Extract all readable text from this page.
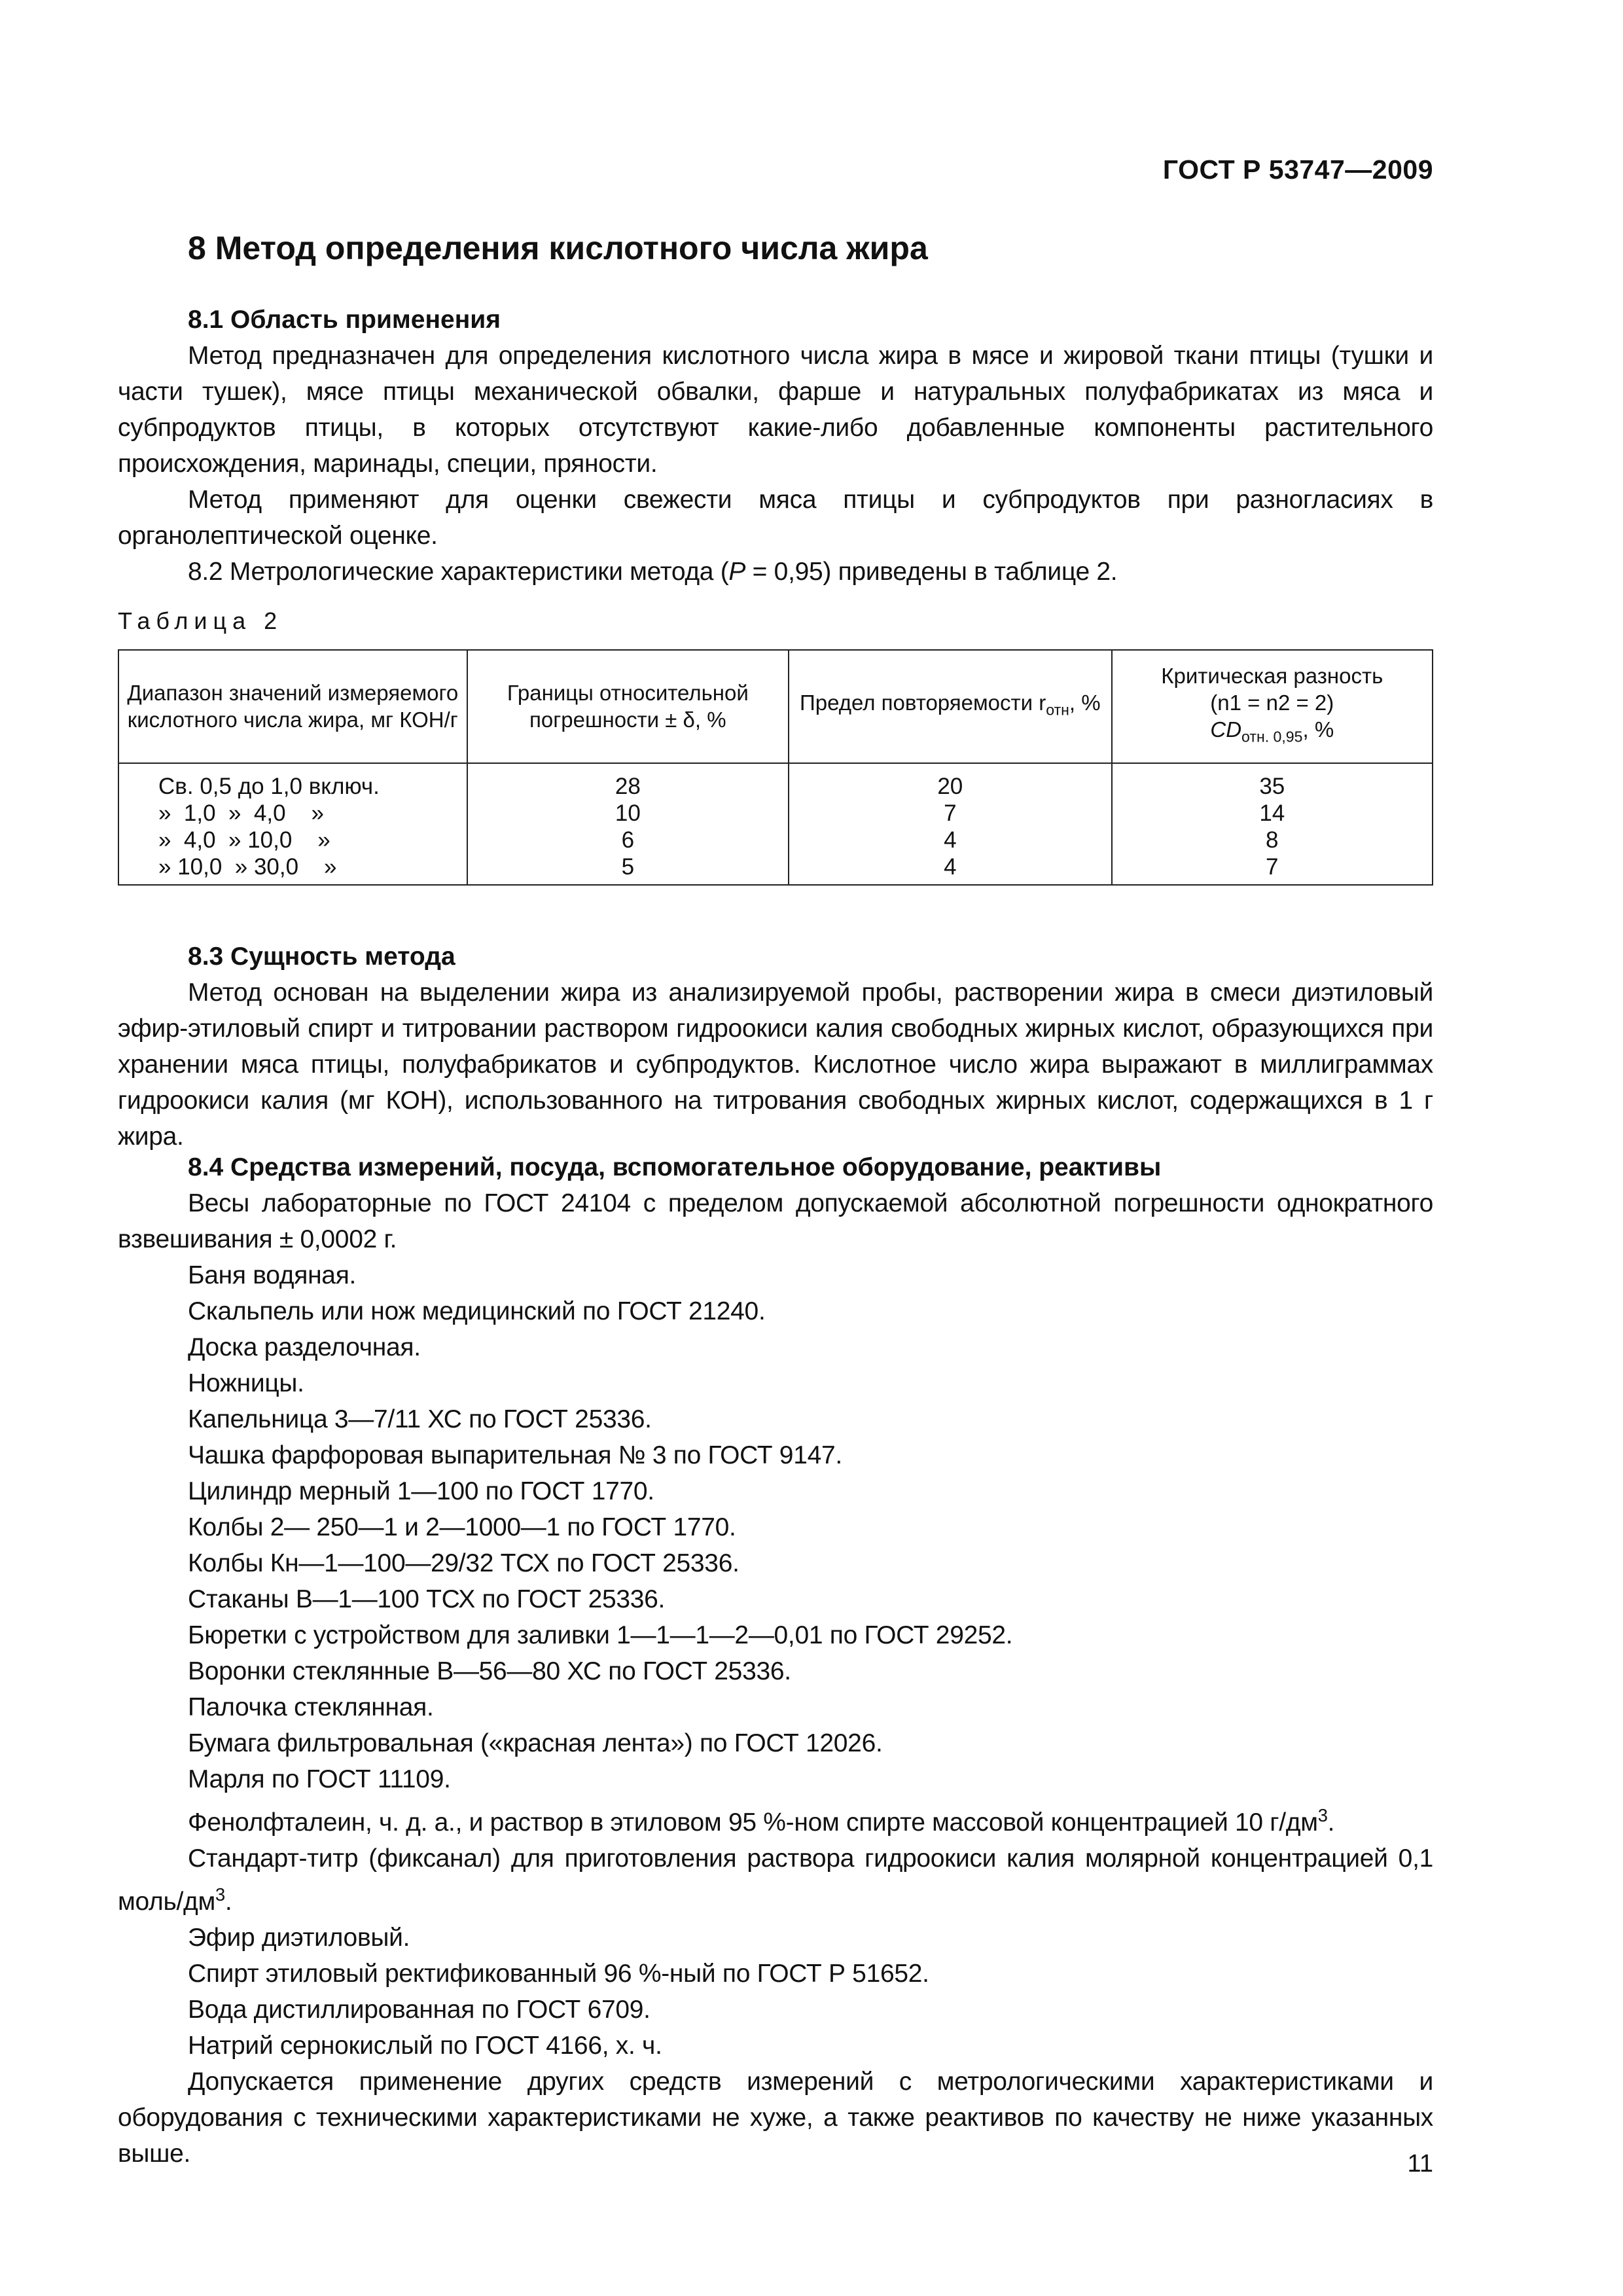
ГОСТ Р 53747—2009
8 Метод определения кислотного числа жира

8.1 Область применения

Метод предназначен для определения кислотного числа жира в мясе и жировой ткани птицы (тушки и части тушек), мясе птицы механической обвалки, фарше и натуральных полуфабрикатах из мяса и субпродуктов птицы, в которых отсутствуют какие-либо добавленные компоненты растительного происхождения, маринады, специи, пряности.

Метод применяют для оценки свежести мяса птицы и субпродуктов при разногласиях в органолептической оценке.

8.2 Метрологические характеристики метода (P = 0,95) приведены в таблице 2.

Таблица 2

Диапазон значений измеряемого кислотного числа жира, мг КОН/г	Границы относительной погрешности ± δ, %	Предел повторяемости $r_{отн}$, %	Критическая разность
(n1 = n2 = 2)
$CD_{отн. 0,95}$, %
Св. 0,5 до 1,0 включ.	28	20	35
»  1,0  »  4,0    »	10	7	14
»  4,0  » 10,0    »	6	4	8
» 10,0  » 30,0    »	5	4	7

8.3 Сущность метода

Метод основан на выделении жира из анализируемой пробы, растворении жира в смеси диэтиловый эфир-этиловый спирт и титровании раствором гидроокиси калия свободных жирных кислот, образующихся при хранении мяса птицы, полуфабрикатов и субпродуктов. Кислотное число жира выражают в миллиграммах гидроокиси калия (мг КОН), использованного на титрования свободных жирных кислот, содержащихся в 1 г жира.

8.4 Средства измерений, посуда, вспомогательное оборудование, реактивы

Весы лабораторные по ГОСТ 24104 с пределом допускаемой абсолютной погрешности однократного взвешивания ± 0,0002 г.

Баня водяная.

Скальпель или нож медицинский по ГОСТ 21240.

Доска разделочная.

Ножницы.

Капельница 3—7/11 ХС по ГОСТ 25336.

Чашка фарфоровая выпарительная № 3 по ГОСТ 9147.

Цилиндр мерный 1—100 по ГОСТ 1770.

Колбы 2— 250—1 и 2—1000—1 по ГОСТ 1770.

Колбы Кн—1—100—29/32 ТСХ по ГОСТ 25336.

Стаканы В—1—100 ТСХ по ГОСТ 25336.

Бюретки с устройством для заливки 1—1—1—2—0,01 по ГОСТ 29252.

Воронки стеклянные В—56—80 ХС по ГОСТ 25336.

Палочка стеклянная.

Бумага фильтровальная («красная лента») по ГОСТ 12026.

Марля по ГОСТ 11109.

Фенолфталеин, ч. д. а., и раствор в этиловом 95 %-ном спирте массовой концентрацией 10 $г/дм^3$.

Стандарт-титр (фиксанал) для приготовления раствора гидроокиси калия молярной концентрацией 0,1 моль/$дм^3$.

Эфир диэтиловый.

Спирт этиловый ректификованный 96 %-ный по ГОСТ Р 51652.

Вода дистиллированная по ГОСТ 6709.

Натрий сернокислый по ГОСТ 4166, х. ч.

Допускается применение других средств измерений с метрологическими характеристиками и оборудования с техническими характеристиками не хуже, а также реактивов по качеству не ниже указанных выше.	11
